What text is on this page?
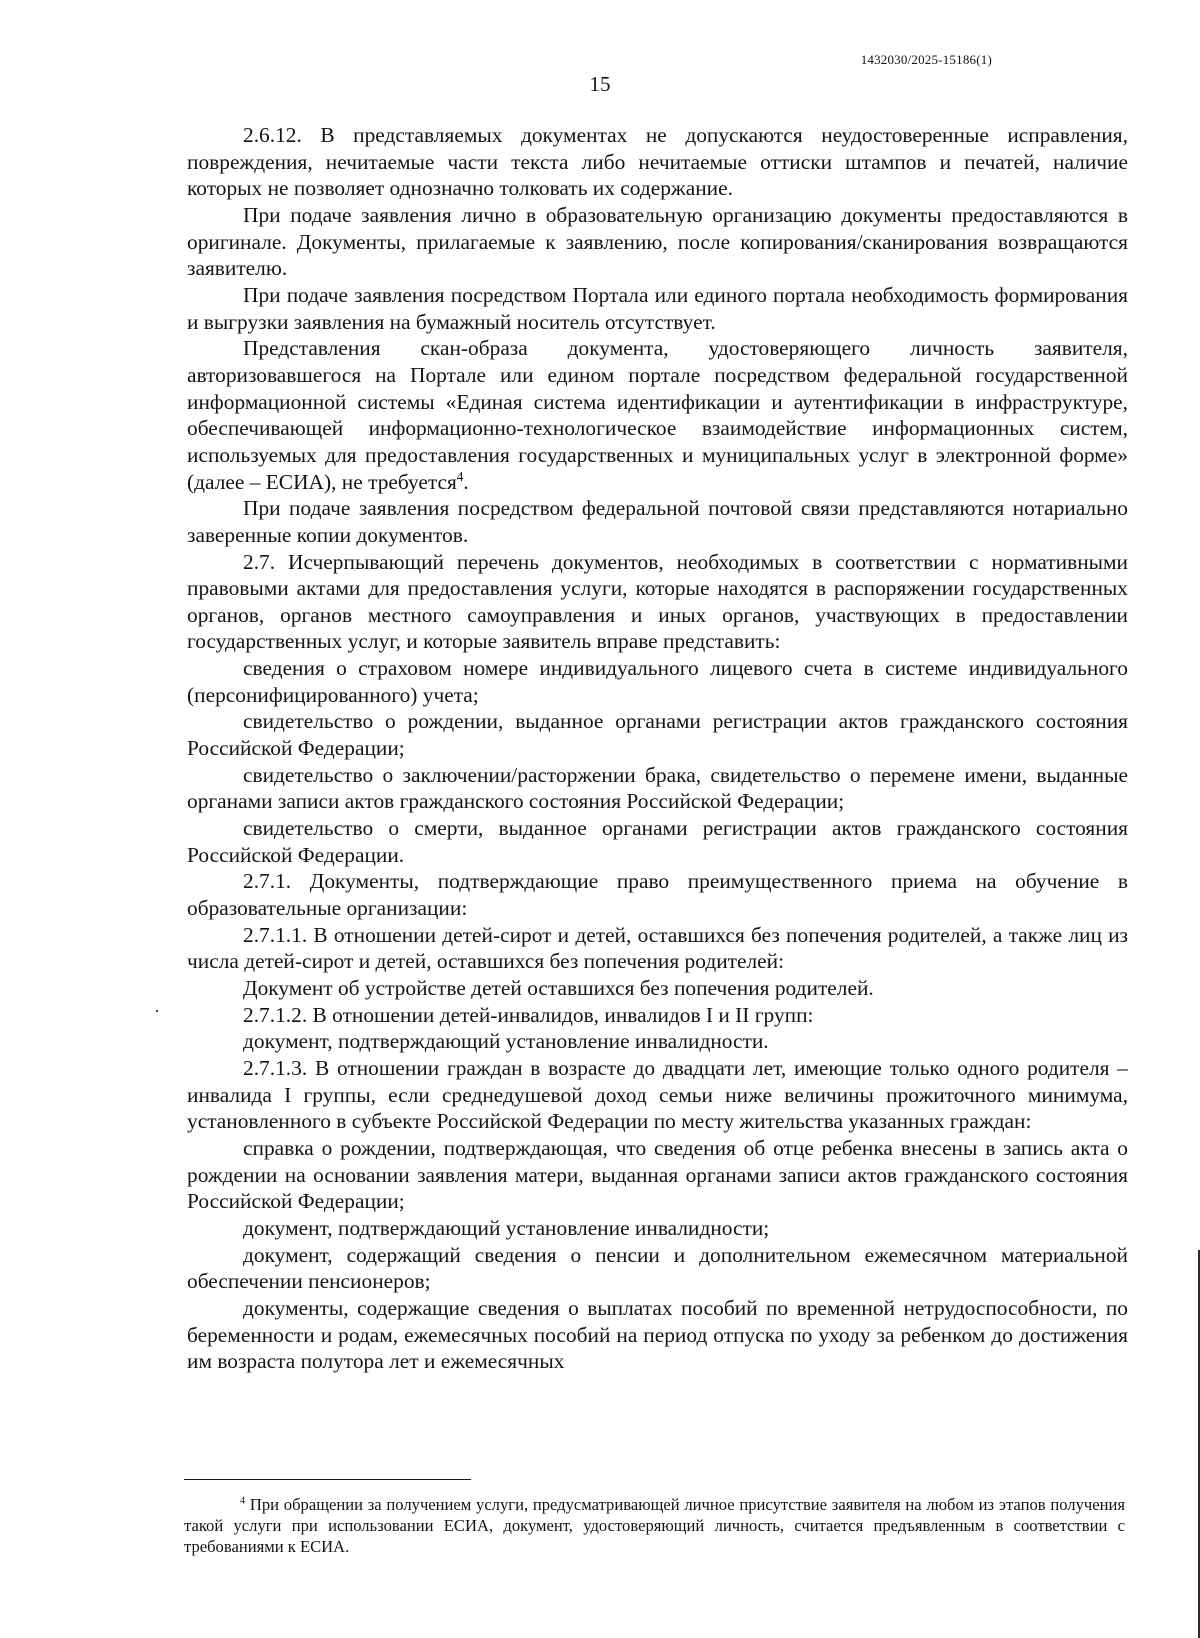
1432030/2025-15186(1)
15

2.6.12. В представляемых документах не допускаются неудостоверенные исправления, повреждения, нечитаемые части текста либо нечитаемые оттиски штампов и печатей, наличие которых не позволяет однозначно толковать их содержание.

При подаче заявления лично в образовательную организацию документы предоставляются в оригинале. Документы, прилагаемые к заявлению, после копирования/сканирования возвращаются заявителю.

При подаче заявления посредством Портала или единого портала необходимость формирования и выгрузки заявления на бумажный носитель отсутствует.

Представления скан-образа документа, удостоверяющего личность заявителя, авторизовавшегося на Портале или едином портале посредством федеральной государственной информационной системы «Единая система идентификации и аутентификации в инфраструктуре, обеспечивающей информационно-технологическое взаимодействие информационных систем, используемых для предоставления государственных и муниципальных услуг в электронной форме» (далее – ЕСИА), не требуется$^4$.

При подаче заявления посредством федеральной почтовой связи представляются нотариально заверенные копии документов.

2.7. Исчерпывающий перечень документов, необходимых в соответствии с нормативными правовыми актами для предоставления услуги, которые находятся в распоряжении государственных органов, органов местного самоуправления и иных органов, участвующих в предоставлении государственных услуг, и которые заявитель вправе представить:

сведения о страховом номере индивидуального лицевого счета в системе индивидуального (персонифицированного) учета;

свидетельство о рождении, выданное органами регистрации актов гражданского состояния Российской Федерации;

свидетельство о заключении/расторжении брака, свидетельство о перемене имени, выданные органами записи актов гражданского состояния Российской Федерации;

свидетельство о смерти, выданное органами регистрации актов гражданского состояния Российской Федерации.

2.7.1. Документы, подтверждающие право преимущественного приема на обучение в образовательные организации:

2.7.1.1. В отношении детей-сирот и детей, оставшихся без попечения родителей, а также лиц из числа детей-сирот и детей, оставшихся без попечения родителей:

Документ об устройстве детей оставшихся без попечения родителей.

2.7.1.2. В отношении детей-инвалидов, инвалидов I и II групп:

документ, подтверждающий установление инвалидности.

2.7.1.3. В отношении граждан в возрасте до двадцати лет, имеющие только одного родителя – инвалида I группы, если среднедушевой доход семьи ниже величины прожиточного минимума, установленного в субъекте Российской Федерации по месту жительства указанных граждан:

справка о рождении, подтверждающая, что сведения об отце ребенка внесены в запись акта о рождении на основании заявления матери, выданная органами записи актов гражданского состояния Российской Федерации;

документ, подтверждающий установление инвалидности;

документ, содержащий сведения о пенсии и дополнительном ежемесячном материальной обеспечении пенсионеров;

документы, содержащие сведения о выплатах пособий по временной нетрудоспособности, по беременности и родам, ежемесячных пособий на период отпуска по уходу за ребенком до достижения им возраста полутора лет и ежемесячных

$^4$ При обращении за получением услуги, предусматривающей личное присутствие заявителя на любом из этапов получения такой услуги при использовании ЕСИА, документ, удостоверяющий личность, считается предъявленным в соответствии с требованиями к ЕСИА.
